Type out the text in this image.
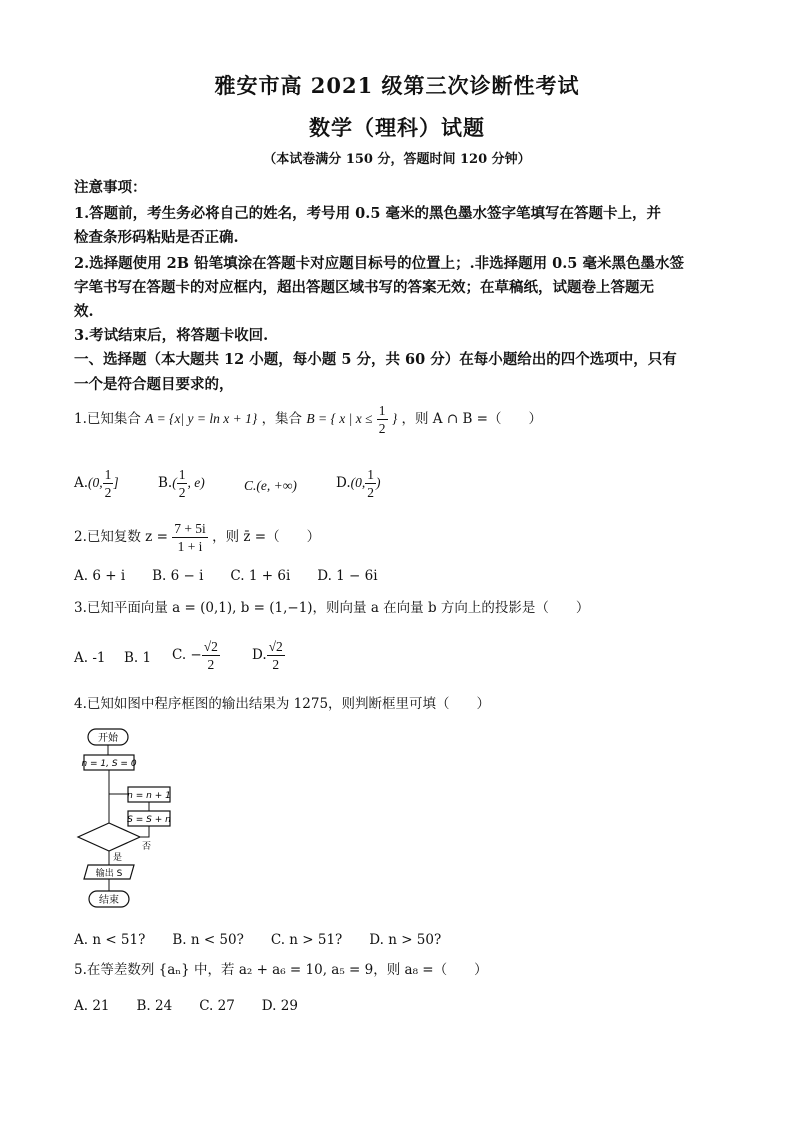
雅安市高 2021 级第三次诊断性考试
数学（理科）试题
（本试卷满分 150 分，答题时间 120 分钟）
注意事项：
1.答题前，考生务必将自己的姓名，考号用 0.5 毫米的黑色墨水签字笔填写在答题卡上，并
检查条形码粘贴是否正确.
2.选择题使用 2B 铅笔填涂在答题卡对应题目标号的位置上；.非选择题用 0.5 毫米黑色墨水签
字笔书写在答题卡的对应框内，超出答题区域书写的答案无效；在草稿纸，试题卷上答题无
效.
3.考试结束后，将答题卡收回.
一、选择题（本大题共 12 小题，每小题 5 分，共 60 分）在每小题给出的四个选项中，只有
一个是符合题目要求的，
1.已知集合 A = {x| y = ln x + 1} ，集合 B = { x | $x \le \frac{1}{2}$ } ，则 A ∩ B =（　　）
A.(0, $\frac{1}{2}$ ]	$B.( \frac{1}{2}$ , e)	C.(e, +∞)	D.(0, $\frac{1}{2}$ )
2.已知复数 $z = \frac{7 + 5i}{1 + i}$ ，则 z̄ =（　　）
A. 6 + i　　B. 6 − i　　C. 1 + 6i　　D. 1 − 6i
3.已知平面向量 a = (0,1), b = (1,−1)，则向量 a 在向量 b 方向上的投影是（　　）
A. -1 B. 1 C. − $\frac{√2}{2} D$. $\frac{√2}{2}$
4.已知如图中程序框图的输出结果为 1275，则判断框里可填（　　）
开始
n = 1, S = 0
n = n + 1
S = S + n
否
是
输出 S
结束
A. n < 51?　　B. n < 50?　　C. n > 51?　　D. n > 50?
5.在等差数列 {aₙ} 中，若 a₂ + a₆ = 10, a₅ = 9，则 a₈ =（　　）
A. 21　　B. 24　　C. 27　　D. 29
